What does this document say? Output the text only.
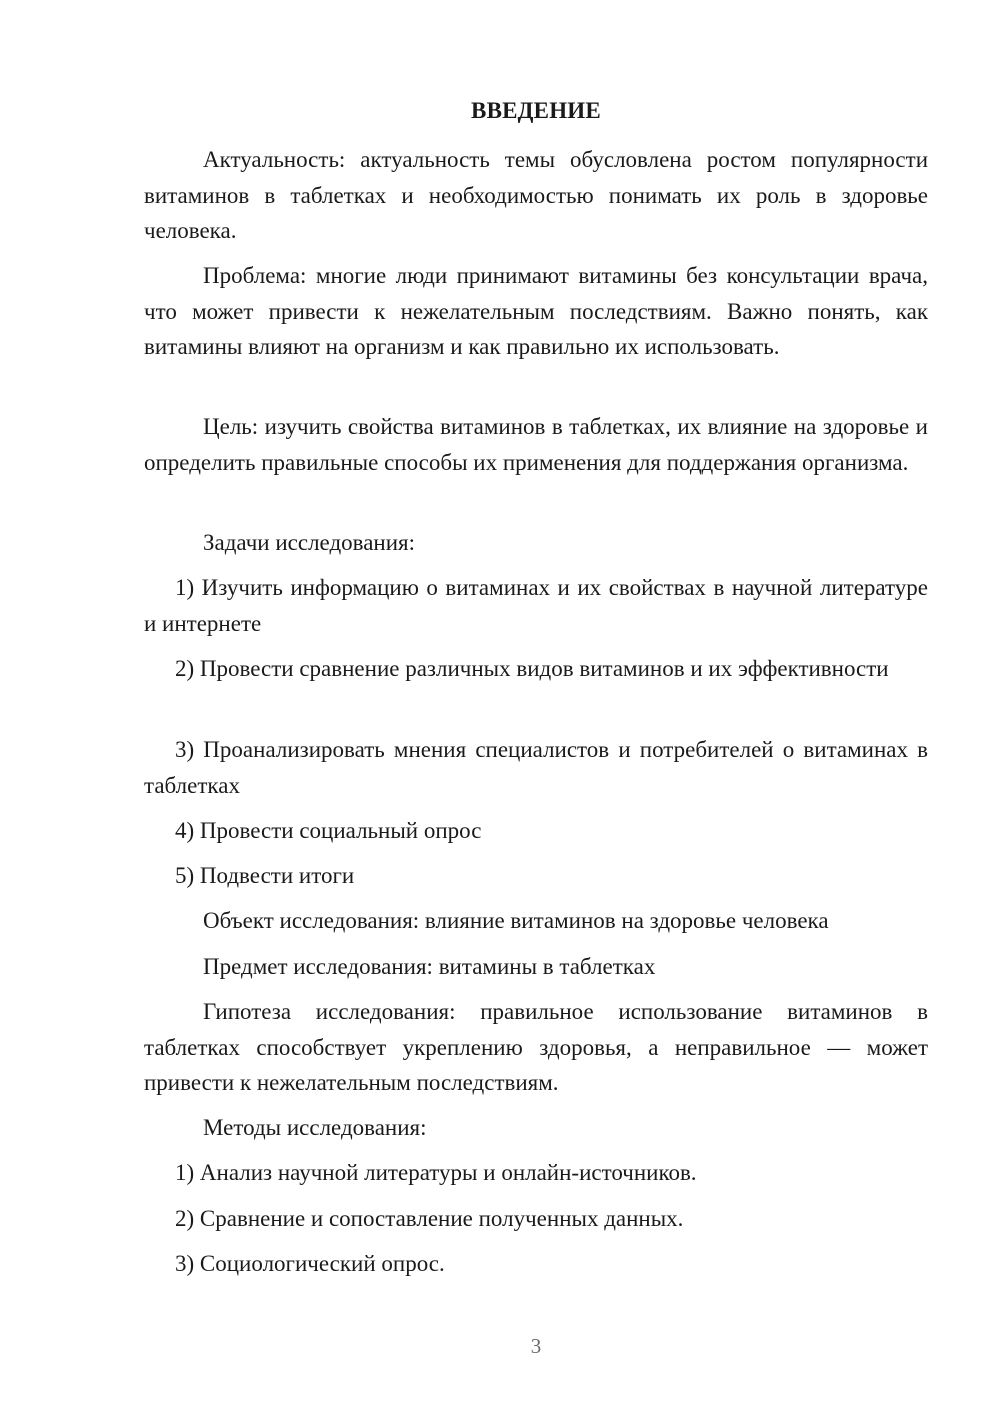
ВВЕДЕНИЕ

Актуальность: актуальность темы обусловлена ростом популярности витаминов в таблетках и необходимостью понимать их роль в здоровье человека.

Проблема: многие люди принимают витамины без консультации врача, что может привести к нежелательным последствиям. Важно понять, как витамины влияют на организм и как правильно их использовать.

Цель: изучить свойства витаминов в таблетках, их влияние на здоровье и определить правильные способы их применения для поддержания организма.

Задачи исследования:

1) Изучить информацию о витаминах и их свойствах в научной литературе и интернете

2) Провести сравнение различных видов витаминов и их эффективности

3) Проанализировать мнения специалистов и потребителей о витаминах в таблетках

4) Провести социальный опрос

5) Подвести итоги

Объект исследования: влияние витаминов на здоровье человека

Предмет исследования: витамины в таблетках

Гипотеза исследования: правильное использование витаминов в таблетках способствует укреплению здоровья, а неправильное — может привести к нежелательным последствиям.

Методы исследования:

1) Анализ научной литературы и онлайн-источников.

2) Сравнение и сопоставление полученных данных.

3) Социологический опрос.

3
